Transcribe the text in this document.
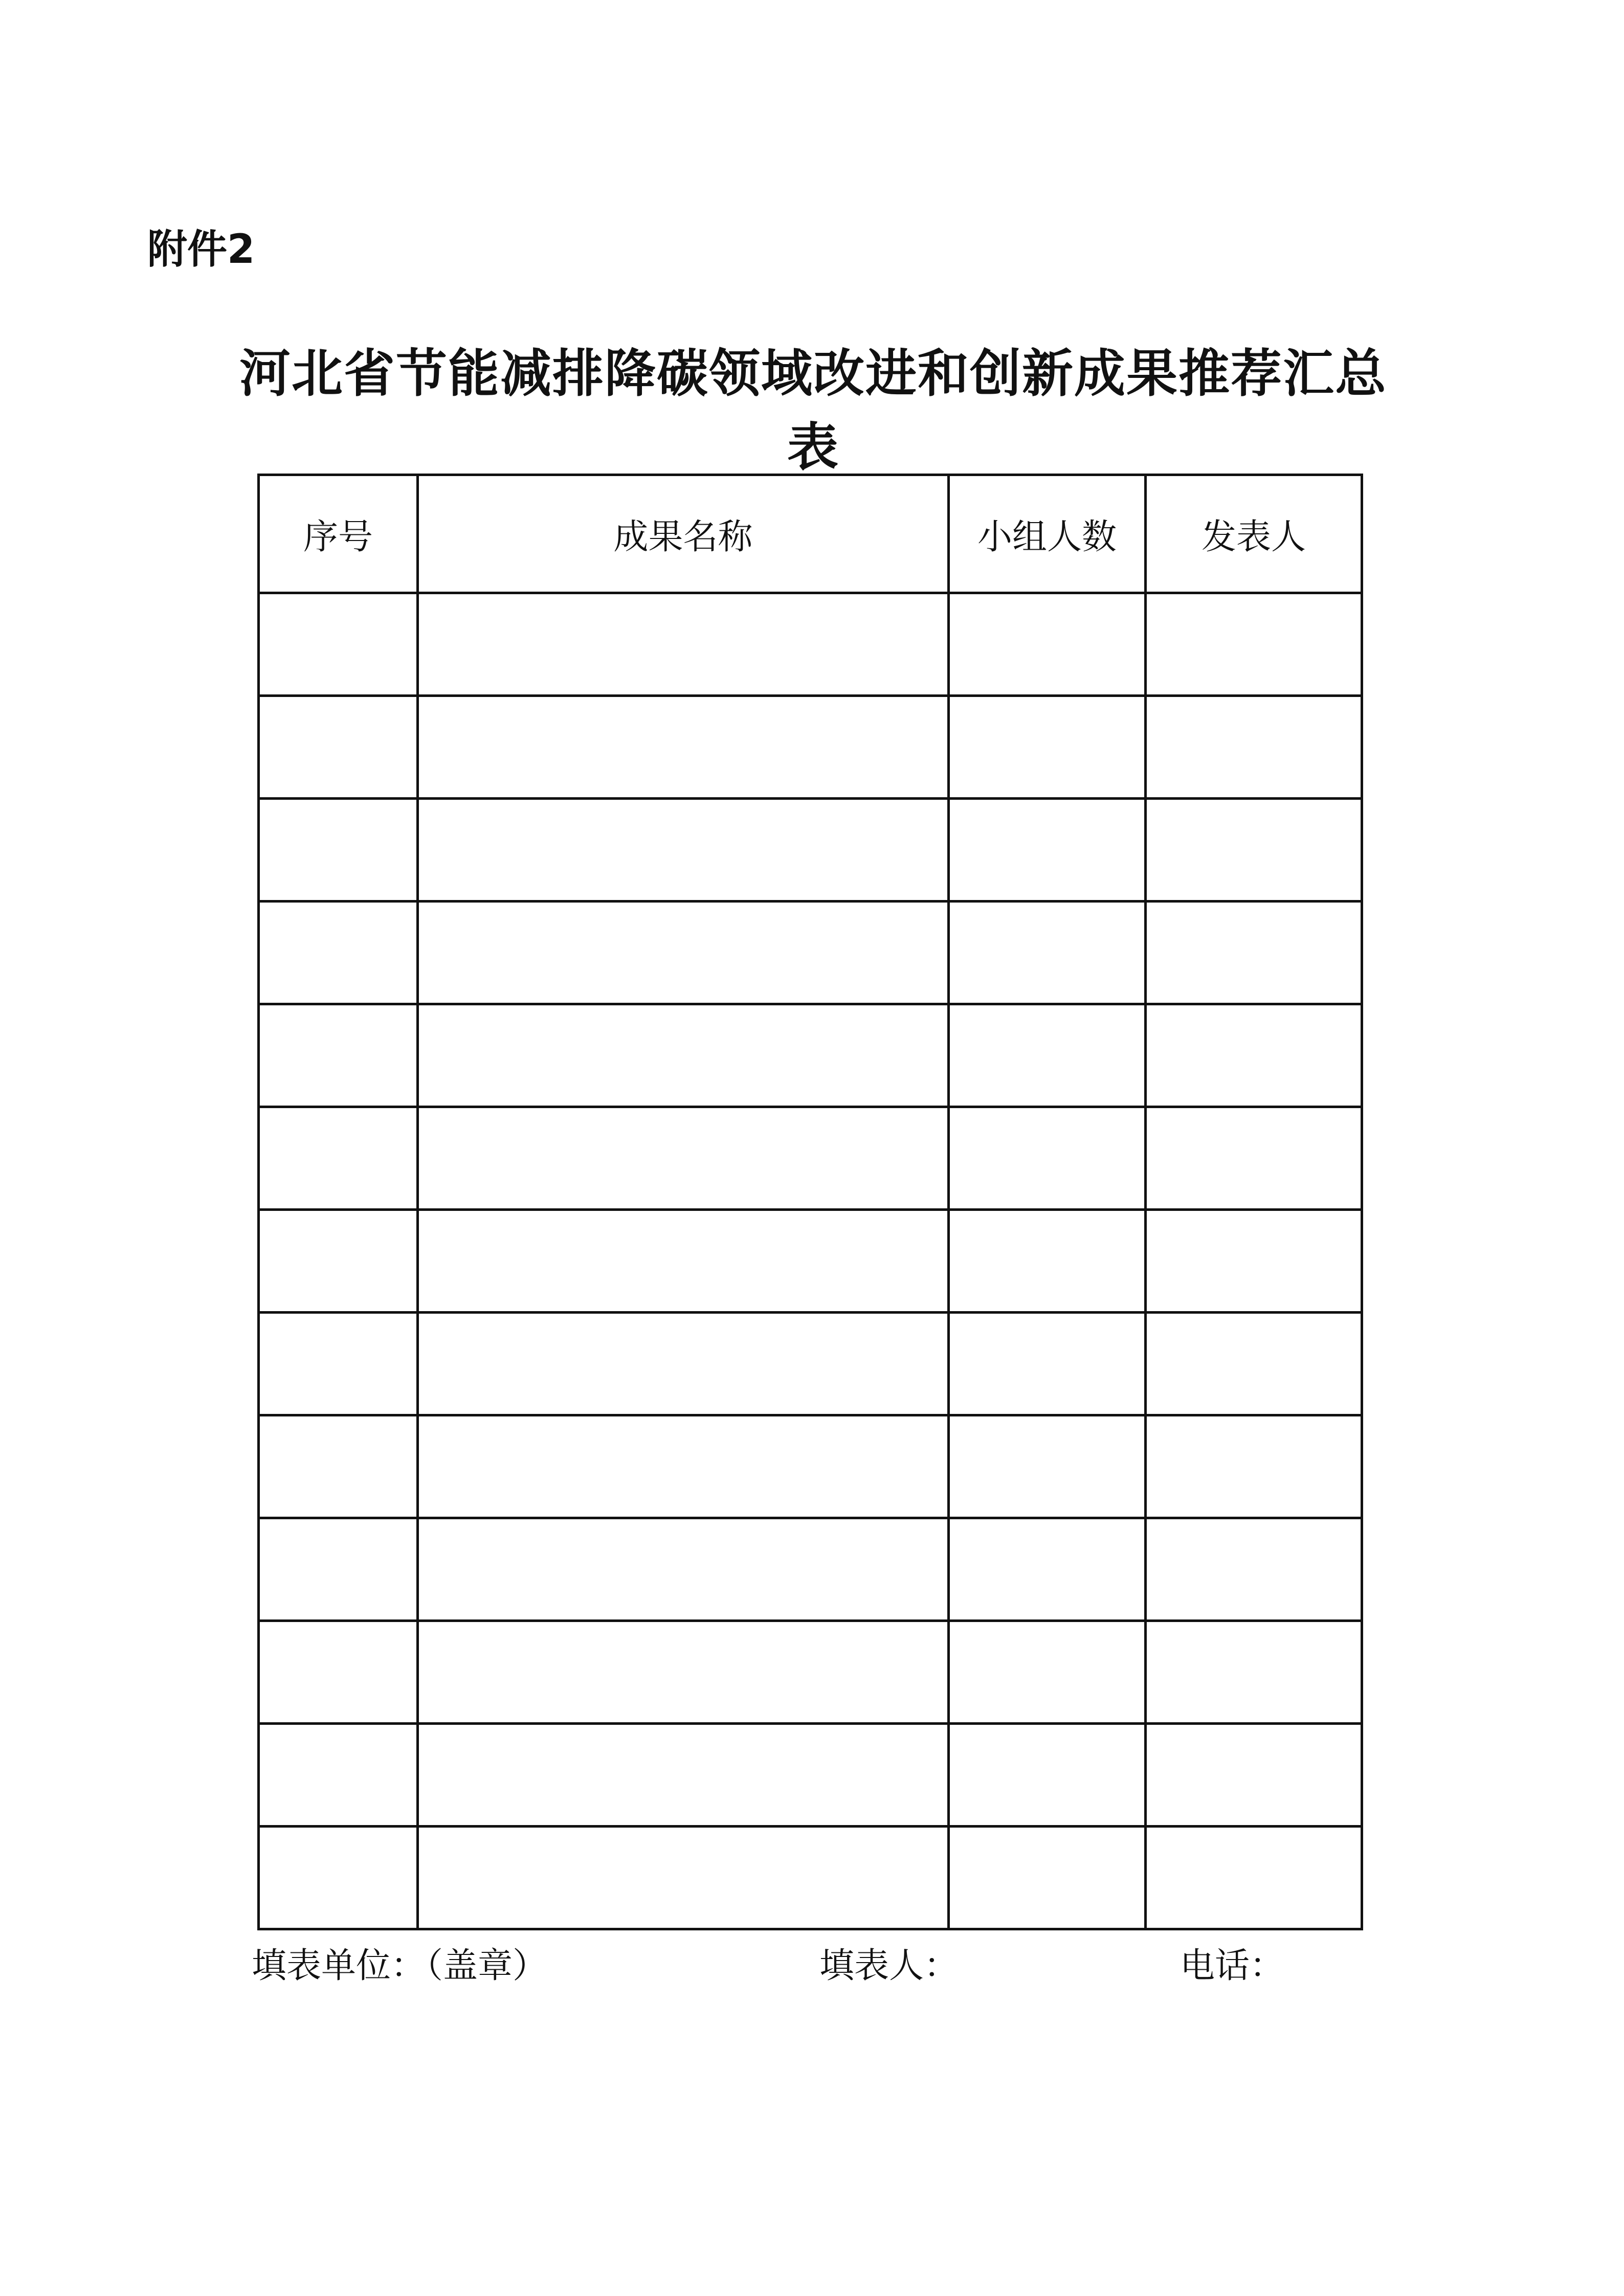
附件2
河北省节能减排降碳领域改进和创新成果推荐汇总表
序号	成果名称	小组人数	发表人

填表单位：（盖章）	填表人：	电话：
